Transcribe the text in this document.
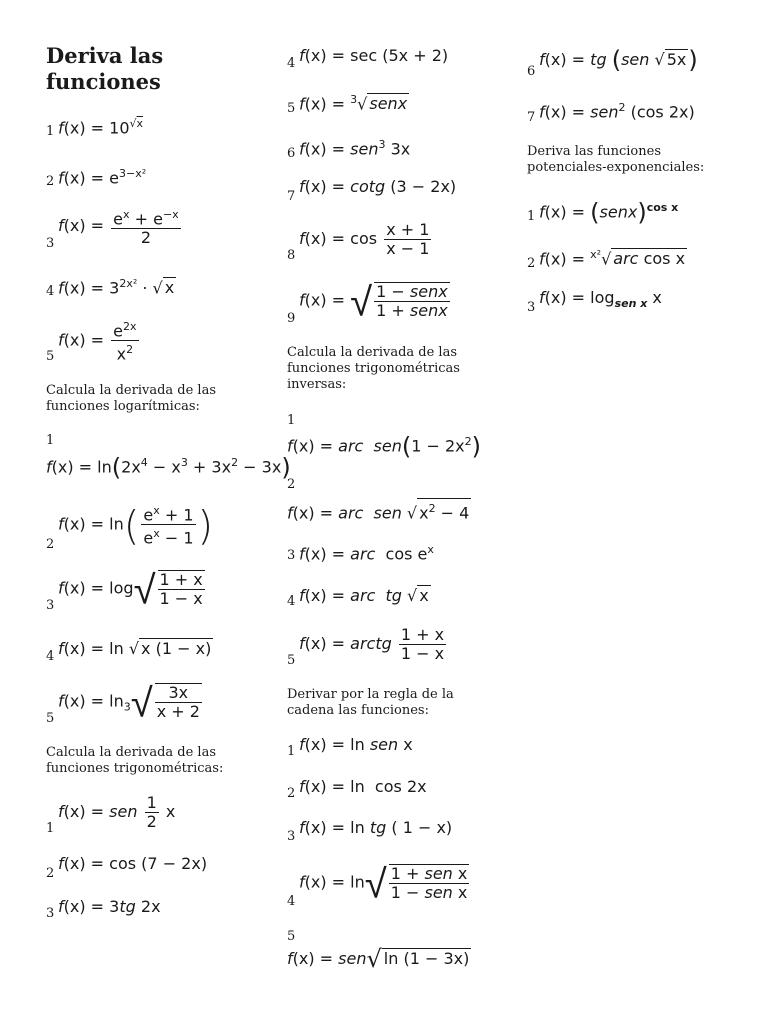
Deriva las
funciones
1 $f(x) = 10^{√x}$
2 $f(x) = e^{3-x^2}$
3
$f(x) = \frac{e^x + e^{-x}}{2}$
4 $f(x) = 3^{2x^2}$ · √ x
5
$f(x) = \frac{e^{2x}}{x^2}$
Calcula la derivada de las
funciones logarítmicas:
1
$f(x) = \ln(2x^4 - x^3 + 3x^2 - 3x)$
2
$f(x) = \ln( \frac{e^x + 1}{e^x - 1}$ )
3
$f(x) = \log√ \frac{1 + x}{1 - x}$
4 f(x) = ln √ x (1 − x)
5
$f(x) = \ln_3√ \frac{3x}{x + 2}$
Calcula la derivada de las
funciones trigonométricas:
1
f(x) = sen $\frac{1}{2}$ x
2
f(x) = cos (7 − 2x)
3 f(x) = 3tg 2x
4 f(x) = sec (5x + 2)
5 f(x) = $^3$√ senx
6 f(x) = sen$^3$ 3x
7
f(x) = cotg (3 − 2x)
8
$f(x) = \cos \frac{x + 1}{x - 1}$
9
f(x) = √ $\frac{\text{1 − senx}}{\text{1 + senx}}$
Calcula la derivada de las
funciones trigonométricas
inversas:
1
f(x) = arc  $sen(1 - 2x^2)$
2
f(x) = arc  sen √ $x^2 - 4$
3 f(x) = arc  $\cos e^x$
4 f(x) = arc  tg √ x
5
f(x) = arctg $\frac{1 + x}{1 - x}$
Derivar por la regla de la
cadena las funciones:
1 f(x) = ln sen x
2 f(x) = ln  cos 2x
3 f(x) = ln tg ( 1 − x)
4
$f(x) = \ln√ \frac{\text{1 + sen x}}{\text{1 − sen x}}$
5
f(x) = sen√ ln (1 − 3x)
6
f(x) = tg (sen √ 5x)
7 f(x) = sen$^2$ (cos 2x)
Deriva las funciones
potenciales-exponenciales:
1 f(x) = (senx)$^{cos x}$
2 f(x) = $^{x^2}$√ arc cos x
3
$f(x) = \log_{sen x} x$
